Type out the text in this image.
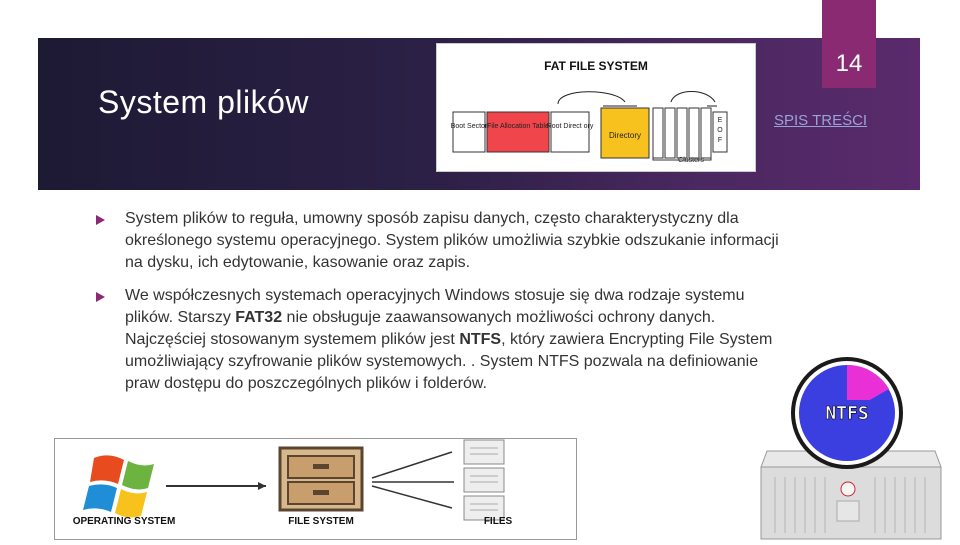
System plików
14
SPIS TREŚCI
FAT FILE SYSTEM
Boot Sector File Allocation Table
Root Direct ory
Directory
E
O
F
Clusters
System plików to reguła, umowny sposób zapisu danych, często charakterystyczny dla określonego systemu operacyjnego. System plików umożliwia szybkie odszukanie informacji na dysku, ich edytowanie, kasowanie oraz zapis.
We współczesnych systemach operacyjnych Windows stosuje się dwa rodzaje systemu plików. Starszy FAT32 nie obsługuje zaawansowanych możliwości ochrony danych. Najczęściej stosowanym systemem plików jest NTFS, który zawiera Encrypting File System umożliwiający szyfrowanie plików systemowych. . System NTFS pozwala na definiowanie praw dostępu do poszczególnych plików i folderów.
OPERATING SYSTEM	FILE SYSTEM	FILES
NTFS
